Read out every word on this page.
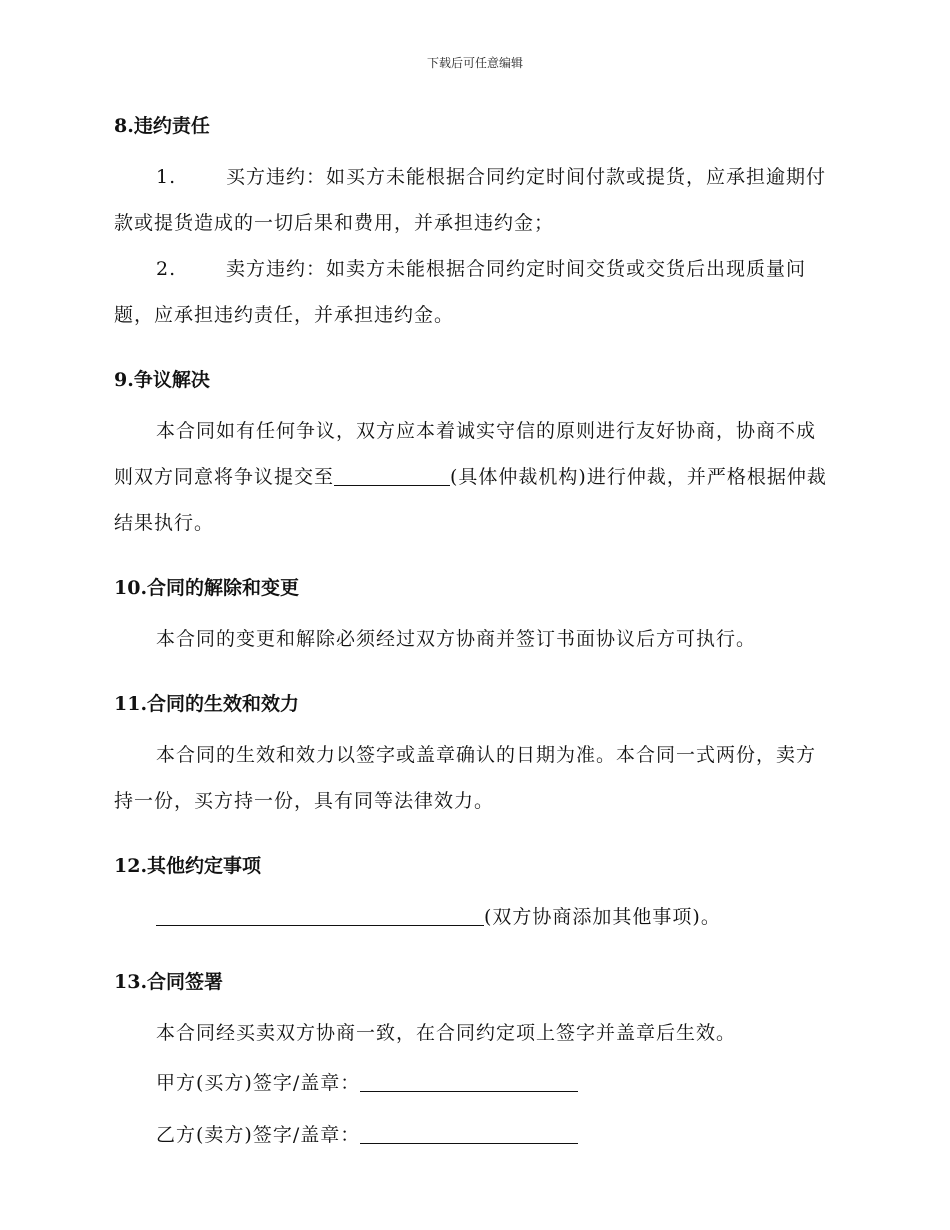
下载后可任意编辑
8.违约责任

1.	买方违约：如买方未能根据合同约定时间付款或提货，应承担逾期付款或提货造成的一切后果和费用，并承担违约金；

2.	卖方违约：如卖方未能根据合同约定时间交货或交货后出现质量问题，应承担违约责任，并承担违约金。

9.争议解决

本合同如有任何争议，双方应本着诚实守信的原则进行友好协商，协商不成则双方同意将争议提交至	(具体仲裁机构)进行仲裁，并严格根据仲裁结果执行。

10.合同的解除和变更

本合同的变更和解除必须经过双方协商并签订书面协议后方可执行。

11.合同的生效和效力

本合同的生效和效力以签字或盖章确认的日期为准。本合同一式两份，卖方持一份，买方持一份，具有同等法律效力。

12.其他约定事项

(双方协商添加其他事项)。

13.合同签署

本合同经买卖双方协商一致，在合同约定项上签字并盖章后生效。

甲方(买方)签字/盖章：

乙方(卖方)签字/盖章：
